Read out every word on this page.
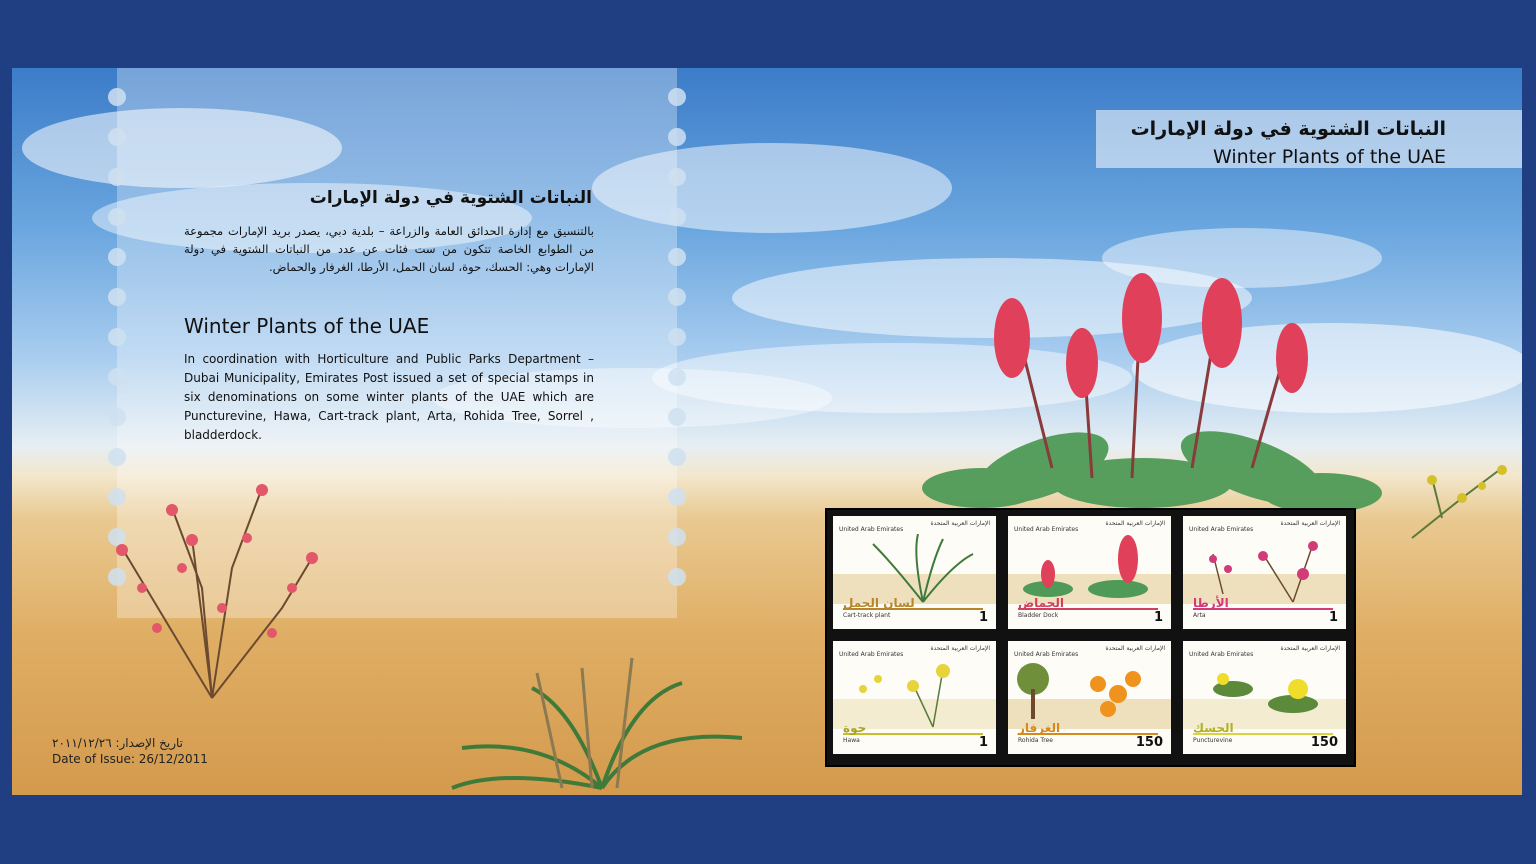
النباتات الشتوية في دولة الإمارات
Winter Plants of the UAE
النباتات الشتوية في دولة الإمارات
بالتنسيق مع إدارة الحدائق العامة والزراعة – بلدية دبي، يصدر بريد الإمارات مجموعة من الطوابع الخاصة تتكون من ست فئات عن عدد من النباتات الشتوية في دولة الإمارات وهي: الحسك، حوة، لسان الحمل، الأرطا، الغرفار والحماض.
Winter Plants of the UAE
In coordination with Horticulture and Public Parks Department – Dubai Municipality, Emirates Post issued a set of special stamps in six denominations on some winter plants of the UAE which are Puncturevine, Hawa, Cart-track plant, Arta, Rohida Tree, Sorrel , bladderdock.
تاريخ الإصدار: ٢٠١١/١٢/٢٦
Date of Issue: 26/12/2011
الإمارات العربية المتحدة
United Arab Emirates
لسان الحمل
Cart-track plant	1
الإمارات العربية المتحدة
United Arab Emirates
الحماض
Bladder Dock	1
الإمارات العربية المتحدة
United Arab Emirates
الأرطا
Arta	1
الإمارات العربية المتحدة
United Arab Emirates
حوة
Hawa	1
الإمارات العربية المتحدة
United Arab Emirates
الغرفار
Rohida Tree	150
الإمارات العربية المتحدة
United Arab Emirates
الحسك
Puncturevine	150
